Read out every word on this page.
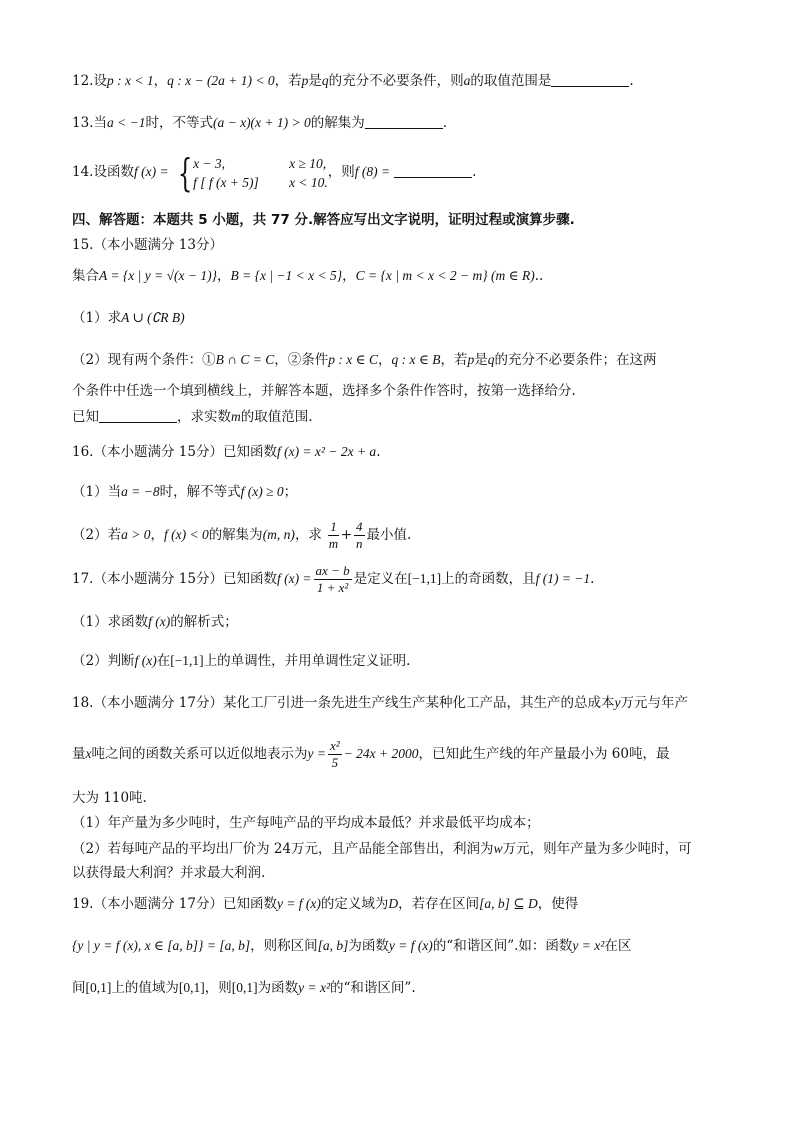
12.设p : x < 1，q : x − (2a + 1) < 0，若p是q的充分不必要条件，则a的取值范围是	.
13.当a < −1时，不等式(a − x)(x + 1) > 0的解集为	.
14.设函数f (x) = { x − 3,	x ≥ 10,
f [ f (x + 5)]	x < 10.
，则f (8) =	.
四、解答题：本题共 5 小题，共 77 分.解答应写出文字说明，证明过程或演算步骤.
15.（本小题满分 13分）
集合A = {x | y = √(x − 1)}，B = {x | −1 < x < 5}，C = {x | m < x < 2 − m} (m ∈ R)..
（1）求A ∪ (∁R B)
（2）现有两个条件：①B ∩ C = C，②条件p : x ∈ C，q : x ∈ B，若p是q的充分不必要条件；在这两
个条件中任选一个填到横线上，并解答本题，选择多个条件作答时，按第一选择给分.
已知	，求实数m的取值范围.
16.（本小题满分 15分）已知函数f (x) = x² − 2x + a.
（1）当a = −8时，解不等式f (x) ≥ 0；
（2）若a > 0，f (x) < 0的解集为(m, n)，求 $\frac{1}{m} + \frac{4}{n}$ 最小值.
17.（本小题满分 15分）已知函数f $(x) = \frac{ax - b}{\text{1 + x²}}$ 是定义在[−1,1]上的奇函数，且f (1) = −1.
（1）求函数f (x)的解析式；
（2）判断f (x)在[−1,1]上的单调性，并用单调性定义证明.
18.（本小题满分 17分）某化工厂引进一条先进生产线生产某种化工产品，其生产的总成本y万元与年产
量x吨之间的函数关系可以近似地表示为$y = \frac{\text{x²}}{5} - 24x + 2000$，已知此生产线的年产量最小为 60吨，最
大为 110吨.
（1）年产量为多少吨时，生产每吨产品的平均成本最低？并求最低平均成本；
（2）若每吨产品的平均出厂价为 24万元，且产品能全部售出，利润为w万元，则年产量为多少吨时，可
以获得最大利润？并求最大利润.
19.（本小题满分 17分）已知函数y = f (x)的定义域为D，若存在区间[a, b] ⊆ D，使得
{y | y = f (x), x ∈ [a, b]} = [a, b]，则称区间[a, b]为函数y = f (x)的“和谐区间”.如：函数y = x²在区
间[0,1]上的值域为[0,1]，则[0,1]为函数y = x²的“和谐区间”.
